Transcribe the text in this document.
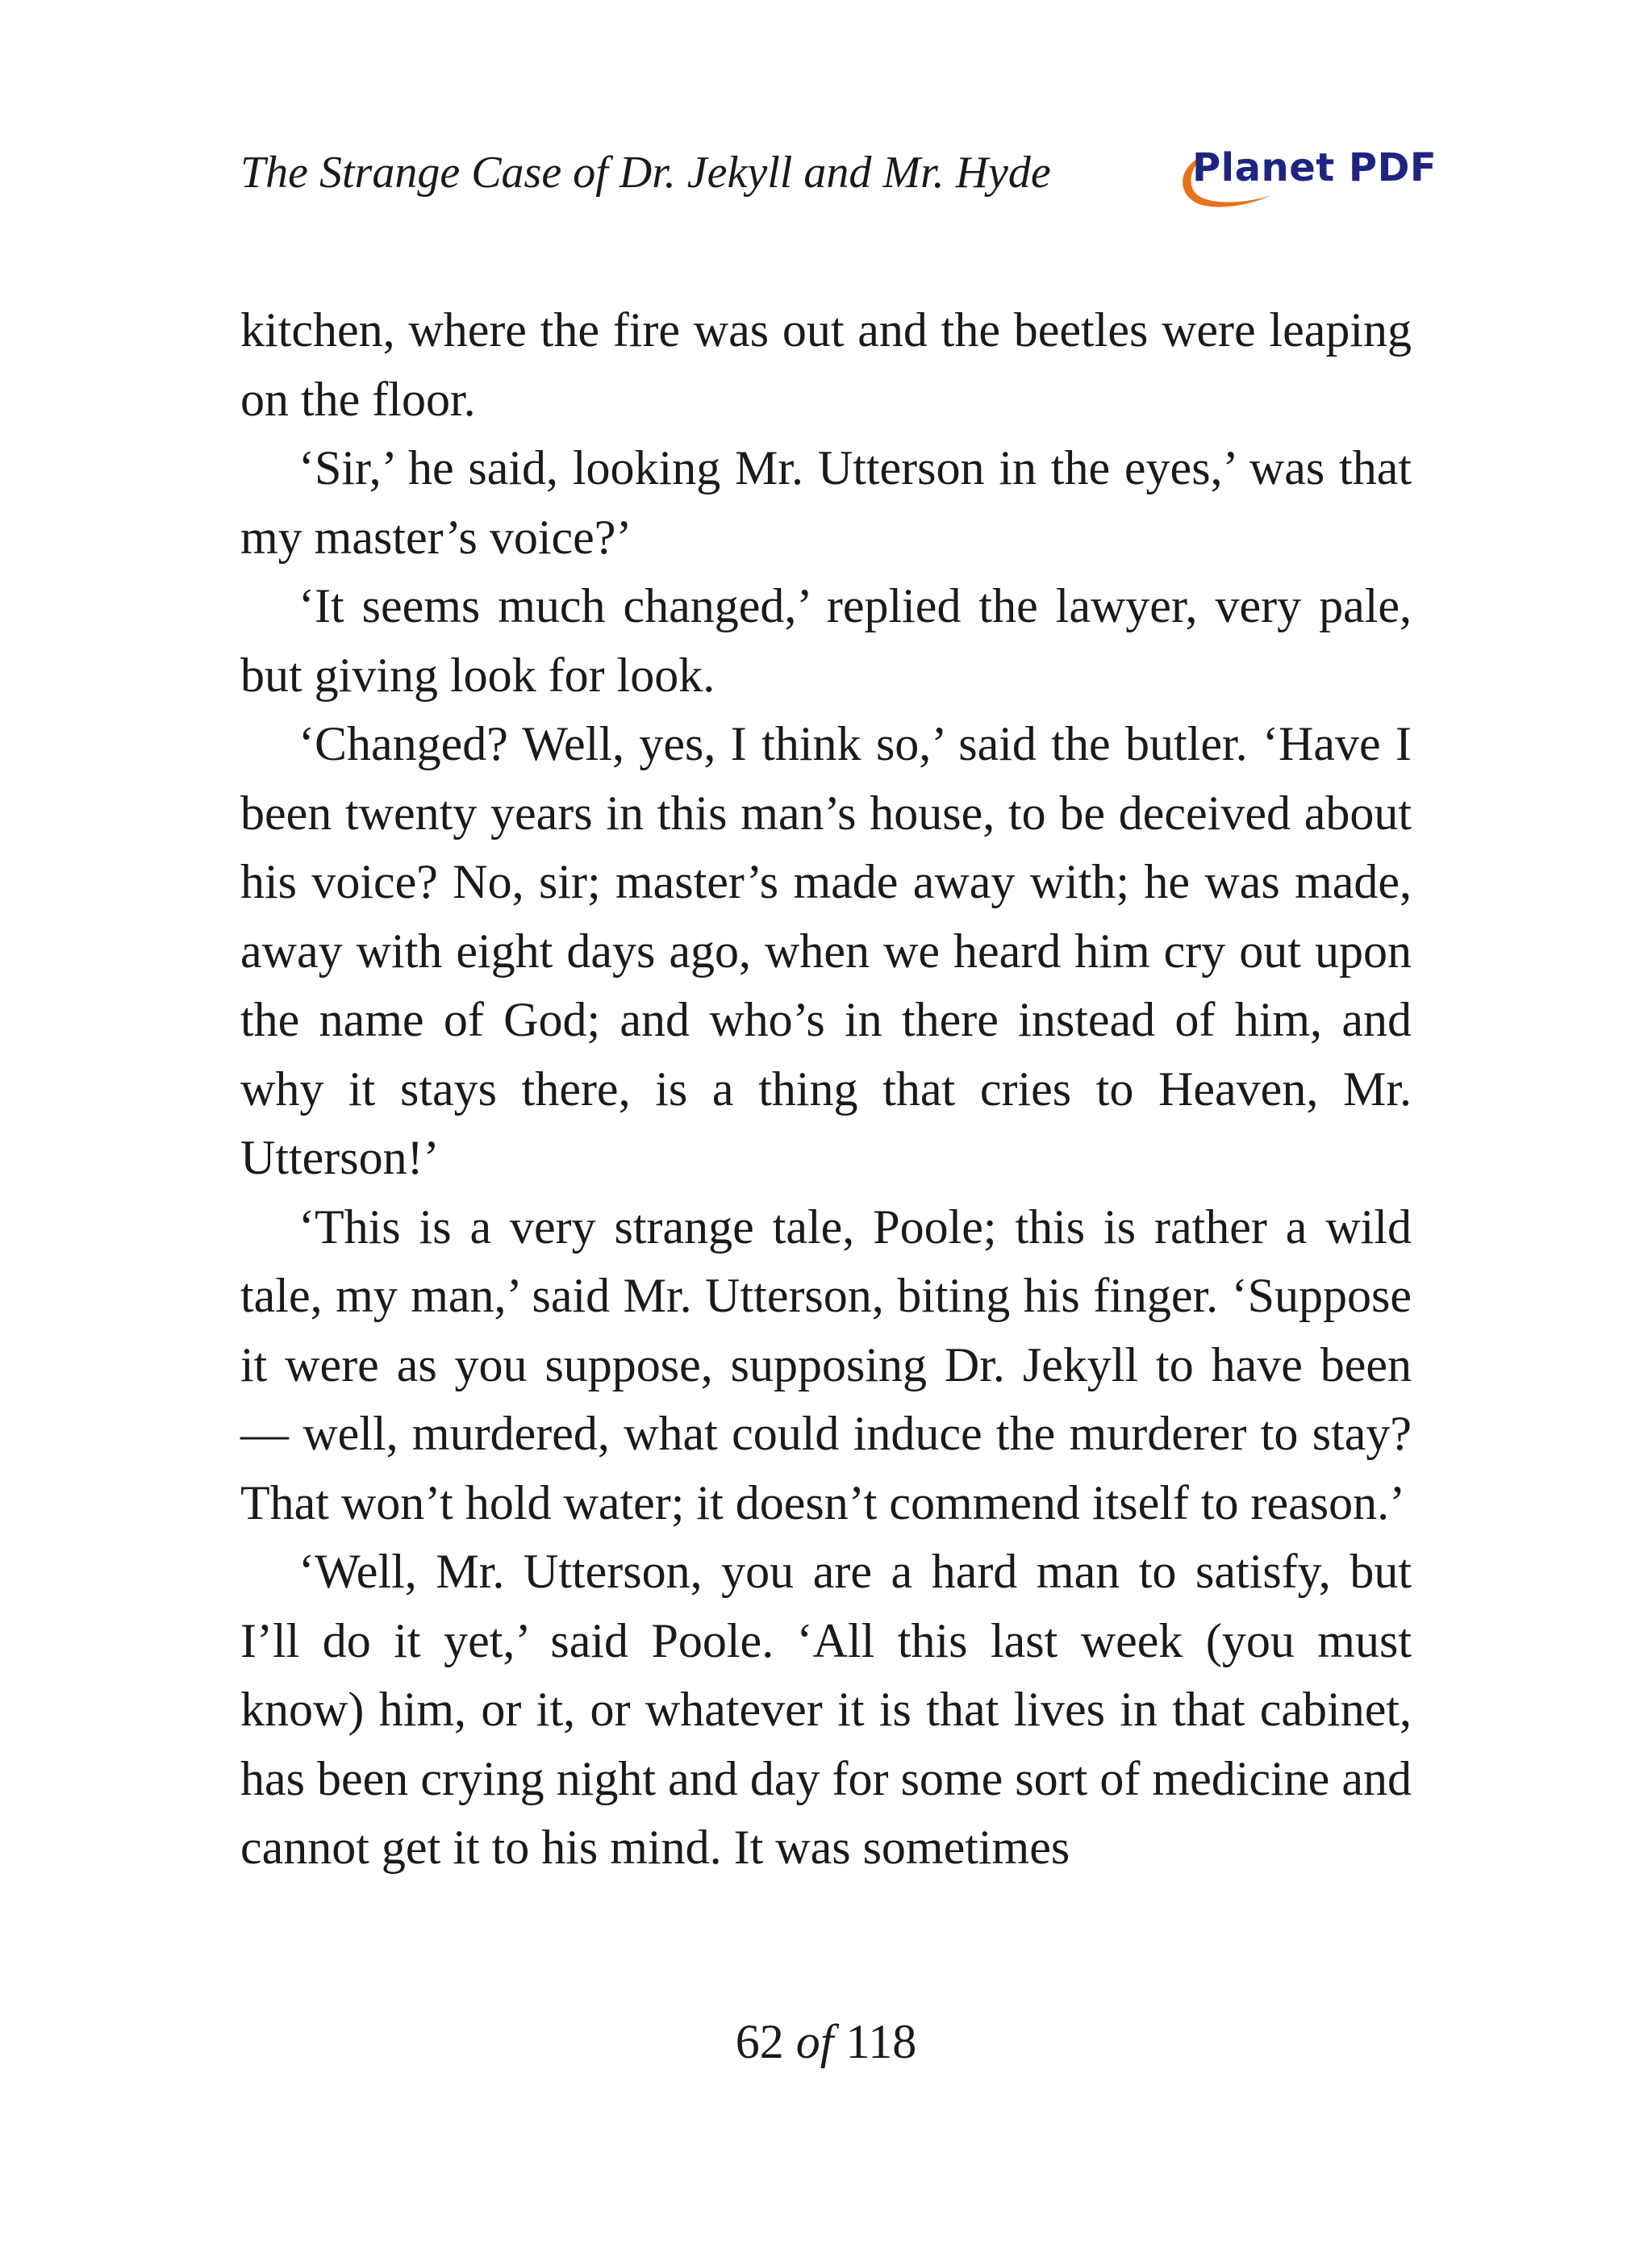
The Strange Case of Dr. Jekyll and Mr. Hyde	Planet PDF

kitchen, where the fire was out and the beetles were leaping on the floor.

‘Sir,’ he said, looking Mr. Utterson in the eyes,’ was that my master’s voice?’

‘It seems much changed,’ replied the lawyer, very pale, but giving look for look.

‘Changed? Well, yes, I think so,’ said the butler. ‘Have I been twenty years in this man’s house, to be deceived about his voice? No, sir; master’s made away with; he was made, away with eight days ago, when we heard him cry out upon the name of God; and who’s in there instead of him, and why it stays there, is a thing that cries to Heaven, Mr. Utterson!’

‘This is a very strange tale, Poole; this is rather a wild tale, my man,’ said Mr. Utterson, biting his finger. ‘Suppose it were as you suppose, supposing Dr. Jekyll to have been — well, murdered, what could induce the murderer to stay? That won’t hold water; it doesn’t commend itself to reason.’

‘Well, Mr. Utterson, you are a hard man to satisfy, but I’ll do it yet,’ said Poole. ‘All this last week (you must know) him, or it, or whatever it is that lives in that cabinet, has been crying night and day for some sort of medicine and cannot get it to his mind. It was sometimes

62 of 118
